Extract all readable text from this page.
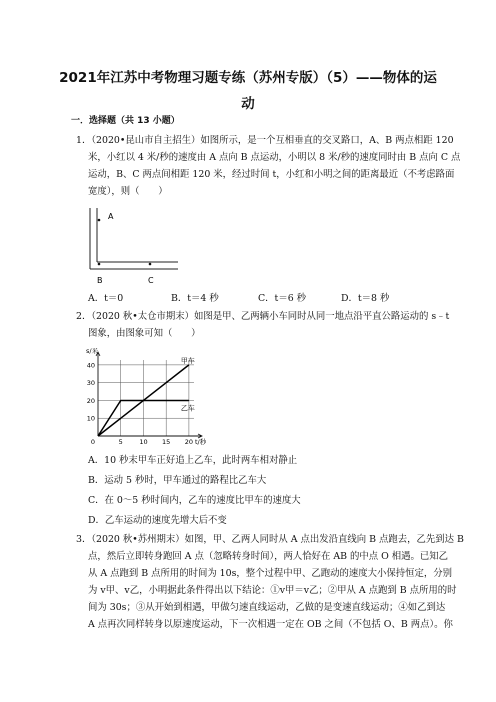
2021年江苏中考物理习题专练（苏州专版）（5）——物体的运
动
一．选择题（共 13 小题）
1．（2020•昆山市自主招生）如图所示，是一个互相垂直的交叉路口，A、B 两点相距 120
米，小红以 4 米/秒的速度由 A 点向 B 点运动，小明以 8 米/秒的速度同时由 B 点向 C 点
运动，B、C 两点间相距 120 米，经过时间 t，小红和小明之间的距离最近（不考虑路面
宽度），则（　　）
A
B	C
A．t＝0	B．t＝4 秒	C．t＝6 秒	D．t＝8 秒
2．（2020 秋•太仓市期末）如图是甲、乙两辆小车同时从同一地点沿平直公路运动的 s﹣t
图象，由图象可知（　　）
10
20
30
40
0	5	10 15 20
s/米
t/秒
甲车
乙车
A．10 秒末甲车正好追上乙车，此时两车相对静止
B．运动 5 秒时，甲车通过的路程比乙车大
C．在 0～5 秒时间内，乙车的速度比甲车的速度大
D．乙车运动的速度先增大后不变
3．（2020 秋•苏州期末）如图，甲、乙两人同时从 A 点出发沿直线向 B 点跑去，乙先到达 B
点，然后立即转身跑回 A 点（忽略转身时间），两人恰好在 AB 的中点 O 相遇。已知乙
从 A 点跑到 B 点所用的时间为 10s，整个过程中甲、乙跑动的速度大小保持恒定，分别
为 v甲、v乙，小明据此条件得出以下结论：①v甲＝v乙；②甲从 A 点跑到 B 点所用的时
间为 30s；③从开始到相遇，甲做匀速直线运动，乙做的是变速直线运动；④如乙到达
A 点再次同样转身以原速度运动，下一次相遇一定在 OB 之间（不包括 O、B 两点）。你
